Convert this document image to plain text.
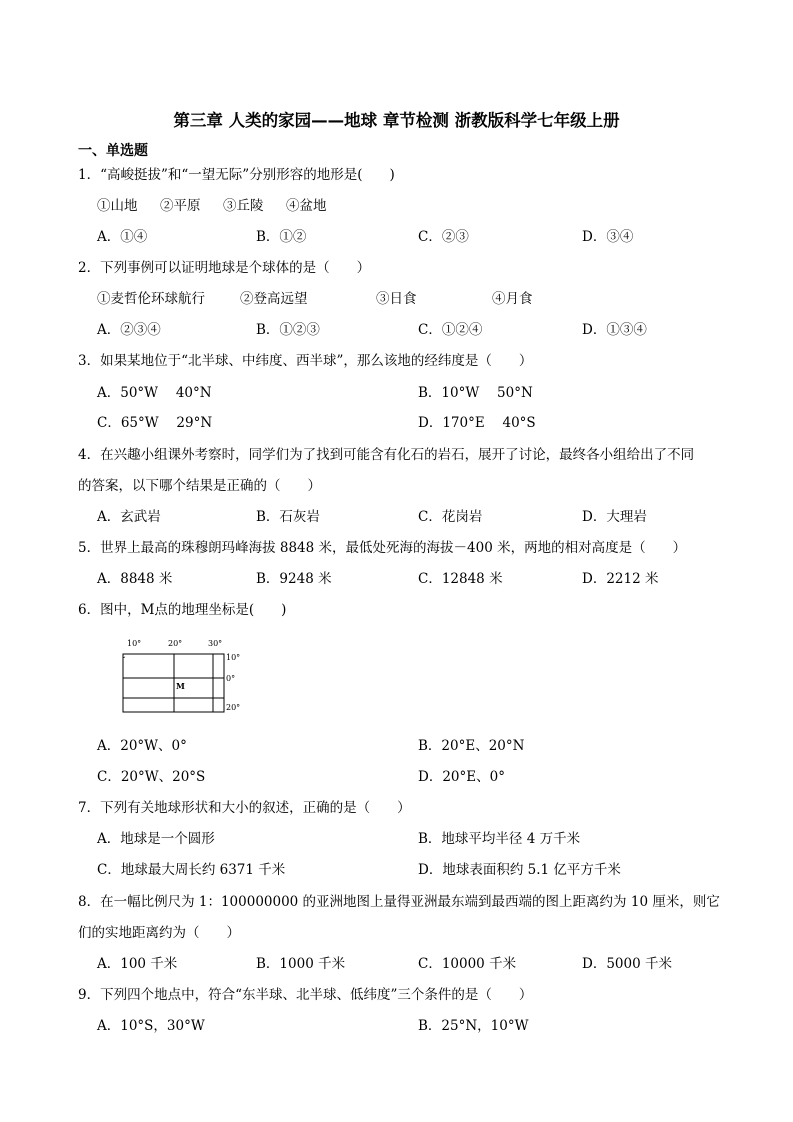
第三章 人类的家园——地球 章节检测 浙教版科学七年级上册
一、单选题
1．“高峻挺拔”和“一望无际”分别形容的地形是(　　)
①山地 ②平原 ③丘陵 ④盆地
A．①④	B．①②	C．②③	D．③④
2．下列事例可以证明地球是个球体的是（　　）
①麦哲伦环球航行	②登高远望	③日食	④月食
A．②③④	B．①②③	C．①②④	D．①③④
3．如果某地位于“北半球、中纬度、西半球”，那么该地的经纬度是（　　）
A．50°W　 40°N	B．10°W　 50°N
C．65°W　 29°N	D．170°E　 40°S
4．在兴趣小组课外考察时，同学们为了找到可能含有化石的岩石，展开了讨论，最终各小组给出了不同
的答案，以下哪个结果是正确的（　　）
A．玄武岩	B．石灰岩	C．花岗岩	D．大理岩
5．世界上最高的珠穆朗玛峰海拔 8848 米，最低处死海的海拔－400 米，两地的相对高度是（　　）
A．8848 米	B．9248 米	C．12848 米	D．2212 米
6．图中，M点的地理坐标是(　　)
ˇ
10°	20°	30°
10°
0°
20°
M
A．20°W、0°	B．20°E、20°N
C．20°W、20°S	D．20°E、0°
7．下列有关地球形状和大小的叙述，正确的是（　　）
A．地球是一个圆形	B．地球平均半径 4 万千米
C．地球最大周长约 6371 千米	D．地球表面积约 5.1 亿平方千米
8．在一幅比例尺为 1：100000000 的亚洲地图上量得亚洲最东端到最西端的图上距离约为 10 厘米，则它
们的实地距离约为（　　）
A．100 千米	B．1000 千米	C．10000 千米	D．5000 千米
9．下列四个地点中，符合“东半球、北半球、低纬度”三个条件的是（　　）
A．10°S，30°W	B．25°N，10°W
